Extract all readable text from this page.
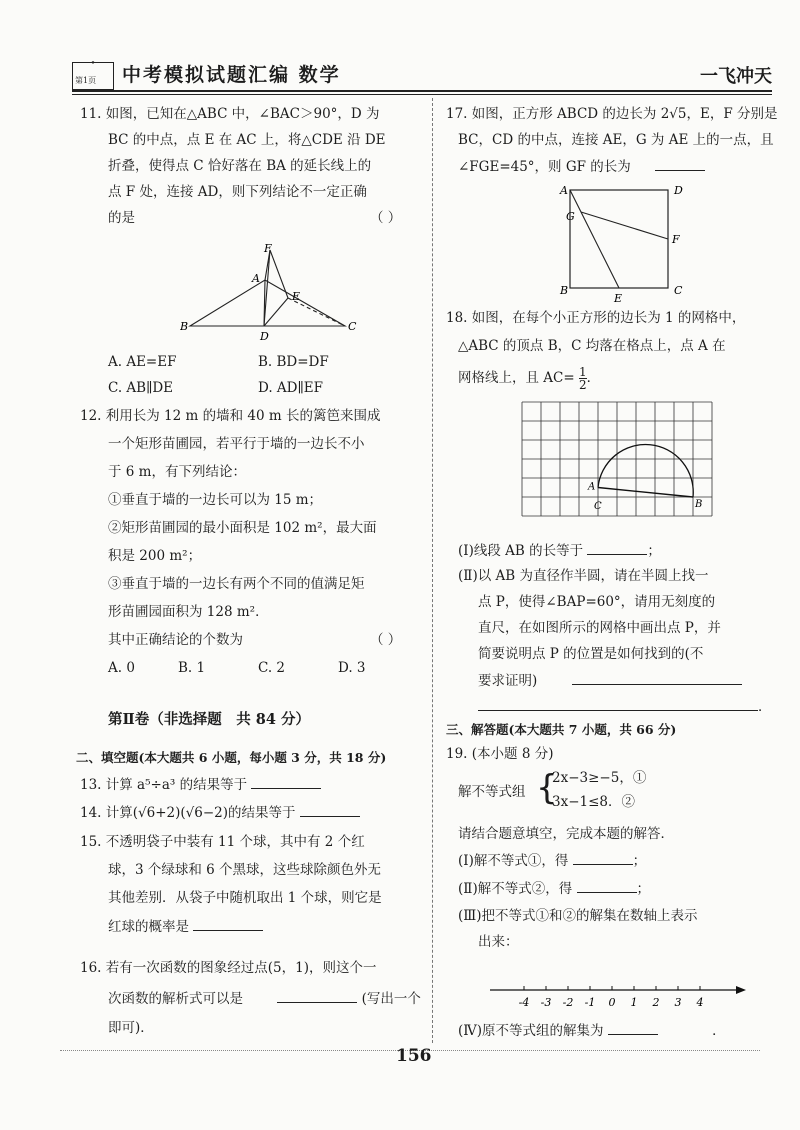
°
第1页 中考模拟试题汇编 数学	一飞冲天
11. 如图，已知在△ABC 中，∠BAC＞90°，D 为
BC 的中点，点 E 在 AC 上，将△CDE 沿 DE
折叠，使得点 C 恰好落在 BA 的延长线上的
点 F 处，连接 AD，则下列结论不一定正确
的是	（ ）
F
A
E
B
D
C
A. AE=EF	B. BD=DF
C. AB∥DE	D. AD∥EF
12. 利用长为 12 m 的墙和 40 m 长的篱笆来围成
一个矩形苗圃园，若平行于墙的一边长不小
于 6 m，有下列结论：
①垂直于墙的一边长可以为 15 m；
②矩形苗圃园的最小面积是 102 m²，最大面
积是 200 m²；
③垂直于墙的一边长有两个不同的值满足矩
形苗圃园面积为 128 m²．
其中正确结论的个数为	（ ）
A. 0	B. 1	C. 2	D. 3
第Ⅱ卷（非选择题　共 84 分）
二、填空题(本大题共 6 小题，每小题 3 分，共 18 分)
13. 计算 a⁵÷a³ 的结果等于
14. 计算(√6+2)(√6−2)的结果等于
15. 不透明袋子中装有 11 个球，其中有 2 个红
球，3 个绿球和 6 个黑球，这些球除颜色外无
其他差别．从袋子中随机取出 1 个球，则它是
红球的概率是
16. 若有一次函数的图象经过点(5，1)，则这个一
次函数的解析式可以是	(写出一个
即可)．
17. 如图，正方形 ABCD 的边长为 2√5，E，F 分别是
BC，CD 的中点，连接 AE，G 为 AE 上的一点，且
∠FGE=45°，则 GF 的长为
A	D
G
F
B
E
C
18. 如图，在每个小正方形的边长为 1 的网格中，
△ABC 的顶点 B，C 均落在格点上，点 A 在
网格线上，且 $AC= \frac{1}{2}$ ．
A
B
C
(Ⅰ)线段 AB 的长等于	；
(Ⅱ)以 AB 为直径作半圆，请在半圆上找一
点 P，使得∠BAP=60°，请用无刻度的
直尺，在如图所示的网格中画出点 P，并
简要说明点 P 的位置是如何找到的(不
要求证明)
．
三、解答题(本大题共 7 小题，共 66 分)
19. (本小题 8 分)
解不等式组 {
2x−3≥−5，①
3x−1≤8．②
请结合题意填空，完成本题的解答．
(Ⅰ)解不等式①，得	；
(Ⅱ)解不等式②，得	；
(Ⅲ)把不等式①和②的解集在数轴上表示
出来：
-4 -3 -2 -1 0 1 2 3 4
(Ⅳ)原不等式组的解集为	．
156
